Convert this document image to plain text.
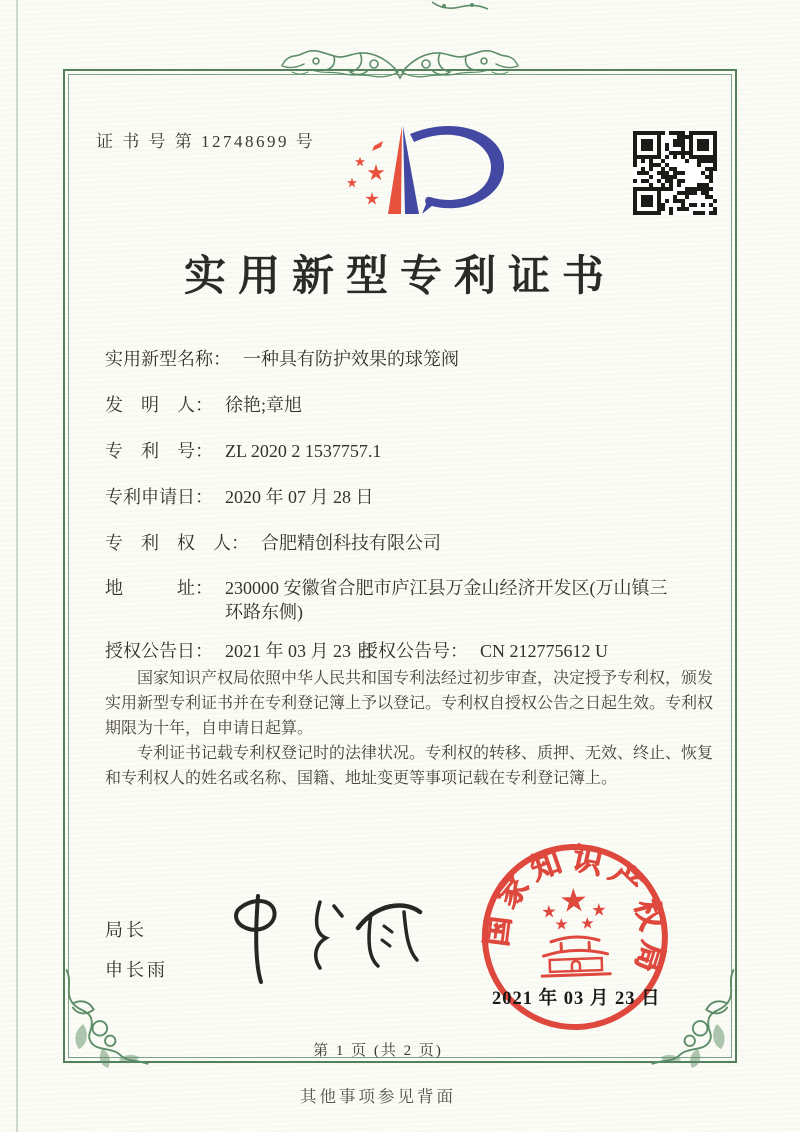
证 书 号 第 12748699 号
实用新型专利证书
实用新型名称： 一种具有防护效果的球笼阀
发　明　人： 徐艳;章旭
专　利　号： ZL 2020 2 1537757.1
专利申请日： 2020 年 07 月 28 日
专　利　权　人： 合肥精创科技有限公司
地　　　址： 230000 安徽省合肥市庐江县万金山经济开发区(万山镇三
环路东侧)
授权公告日： 2021 年 03 月 23 日
授权公告号： CN 212775612 U

国家知识产权局依照中华人民共和国专利法经过初步审查，决定授予专利权，颁发实用新型专利证书并在专利登记簿上予以登记。专利权自授权公告之日起生效。专利权期限为十年，自申请日起算。

专利证书记载专利权登记时的法律状况。专利权的转移、质押、无效、终止、恢复和专利权人的姓名或名称、国籍、地址变更等事项记载在专利登记簿上。

局长
申长雨
国家知识产权局
2021 年 03 月 23 日
第 1 页 (共 2 页)
其他事项参见背面
